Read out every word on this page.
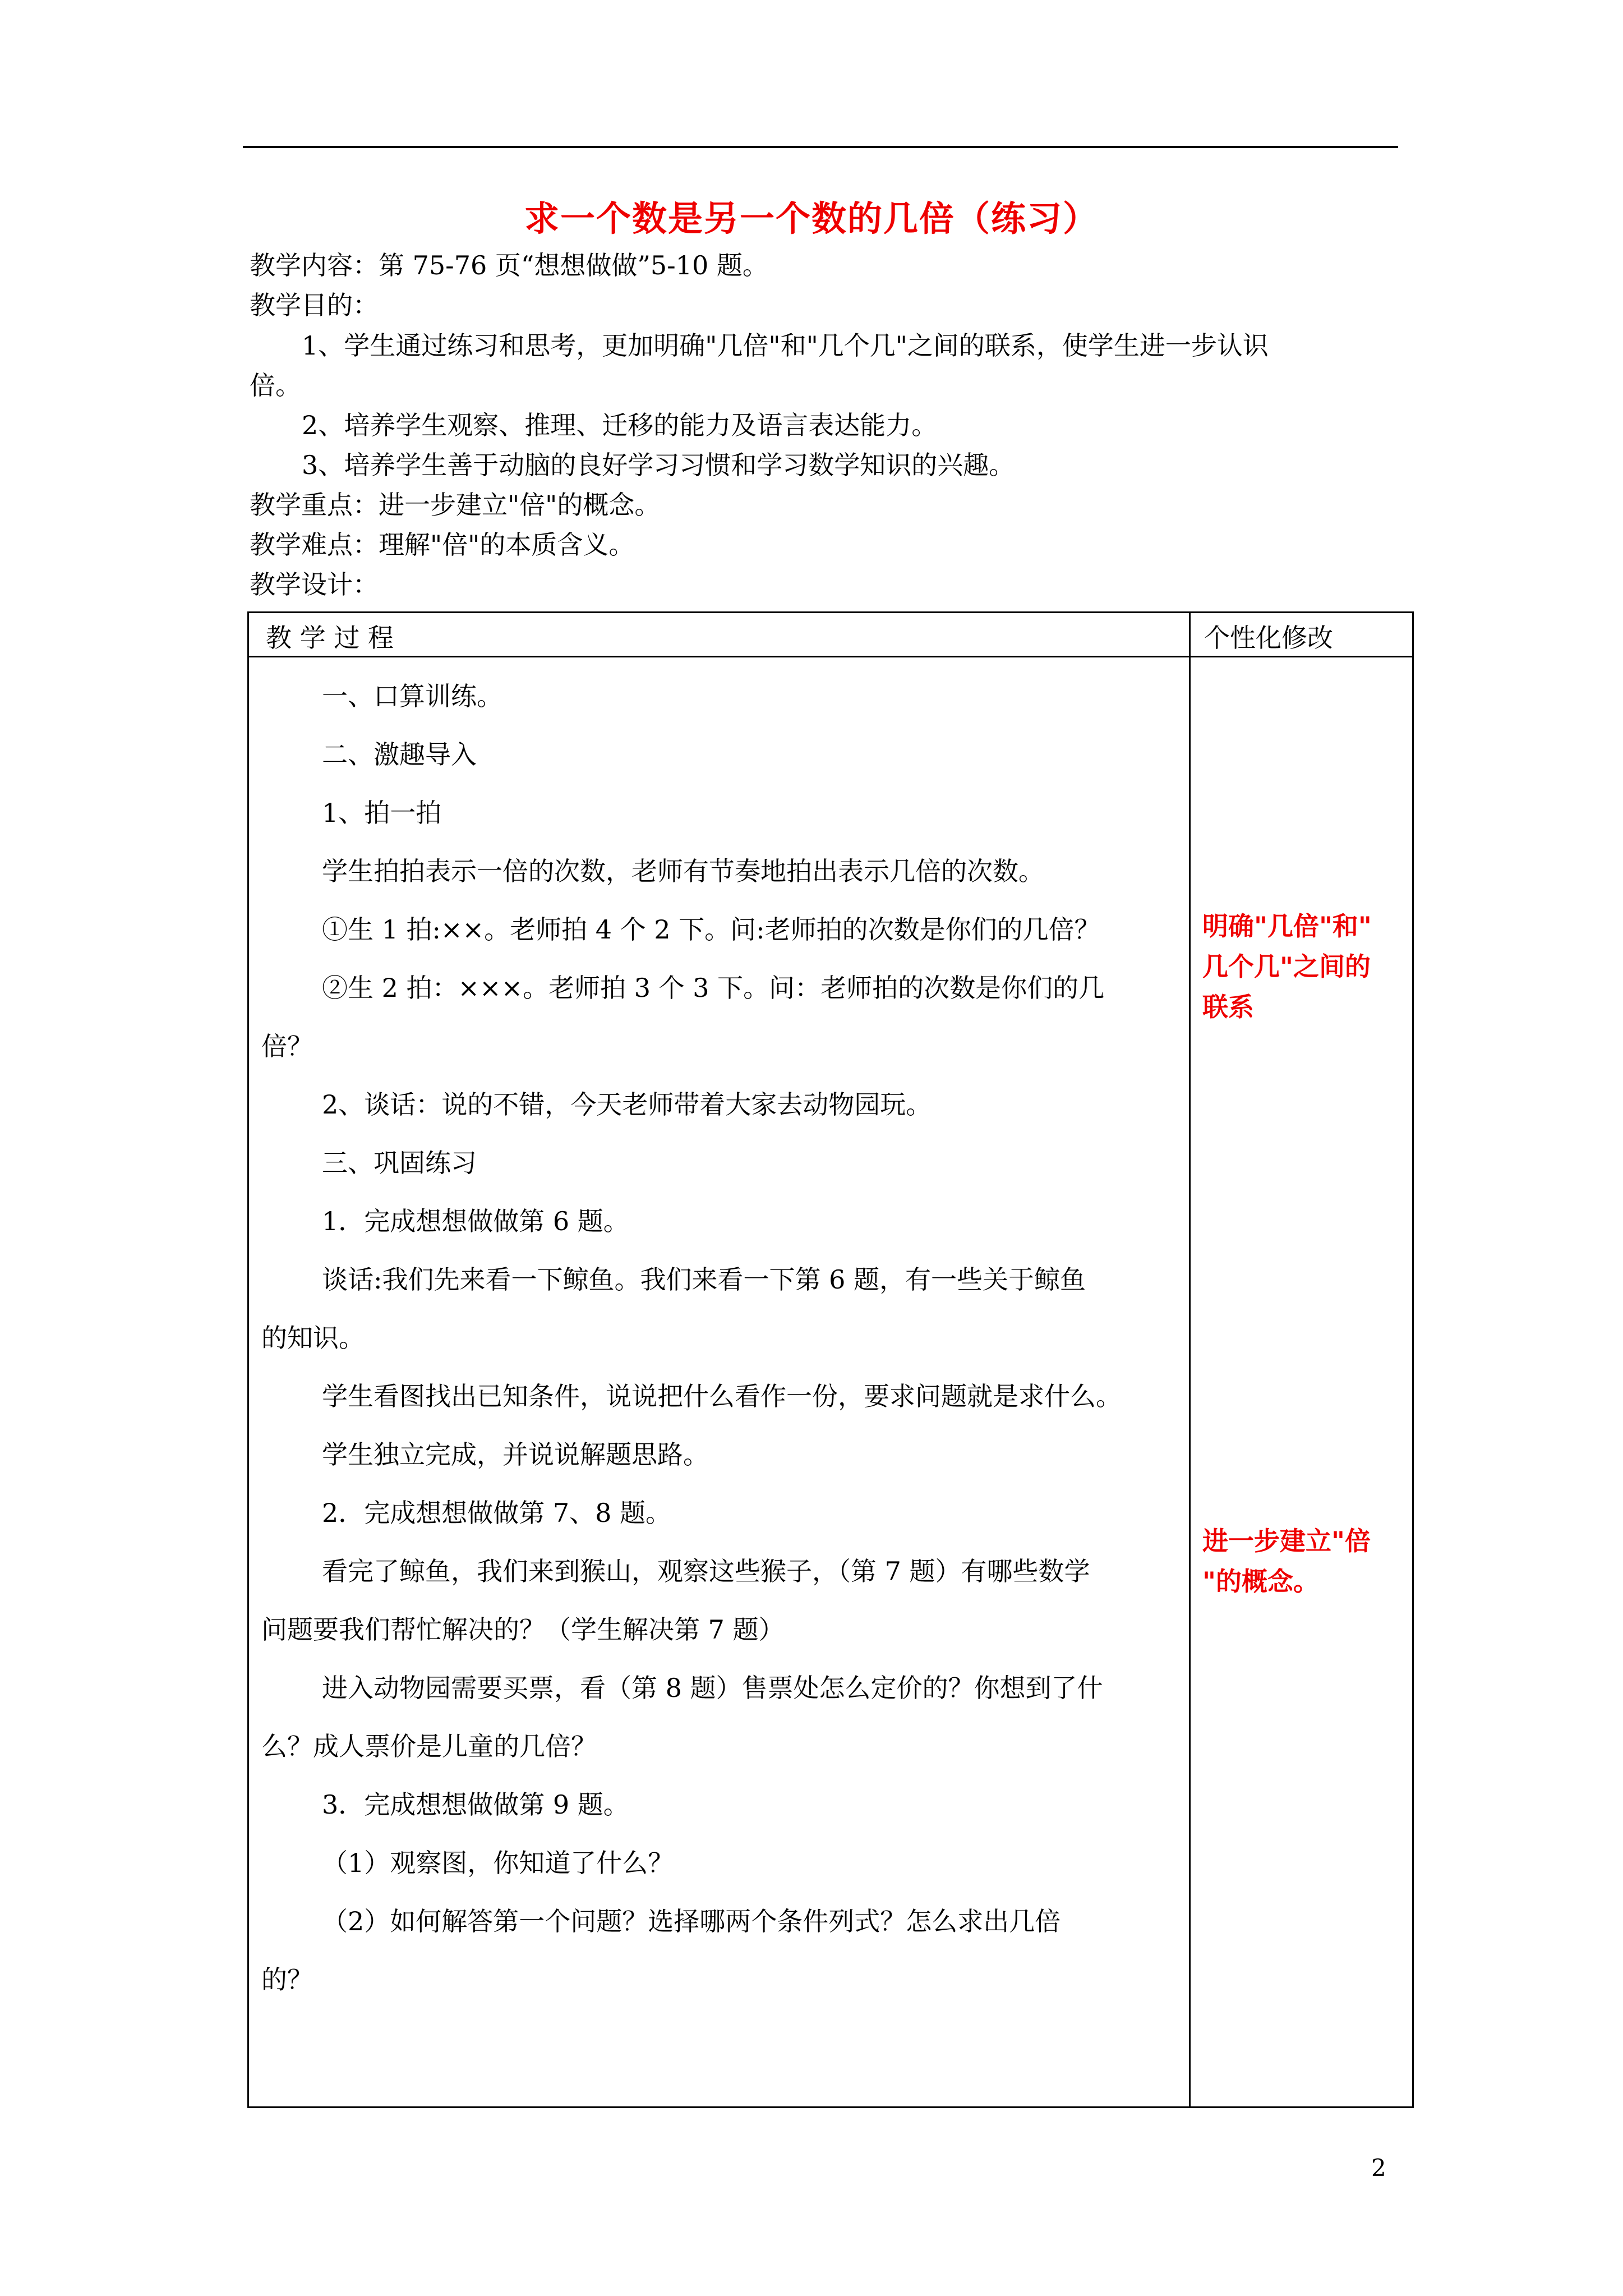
求一个数是另一个数的几倍（练习）
教学内容：第 75-76 页“想想做做”5-10 题。
教学目的：
1、学生通过练习和思考，更加明确"几倍"和"几个几"之间的联系，使学生进一步认识
倍。
2、培养学生观察、推理、迁移的能力及语言表达能力。
3、培养学生善于动脑的良好学习习惯和学习数学知识的兴趣。
教学重点：进一步建立"倍"的概念。
教学难点：理解"倍"的本质含义。
教学设计：
教 学 过 程	个性化修改
一、口算训练。
二、激趣导入
1、拍一拍
学生拍拍表示一倍的次数，老师有节奏地拍出表示几倍的次数。
①生 1 拍:××。老师拍 4 个 2 下。问:老师拍的次数是你们的几倍？
②生 2 拍：×××。老师拍 3 个 3 下。问：老师拍的次数是你们的几
倍？
2、谈话：说的不错，今天老师带着大家去动物园玩。
三、巩固练习
1．完成想想做做第 6 题。
谈话:我们先来看一下鲸鱼。我们来看一下第 6 题，有一些关于鲸鱼
的知识。
学生看图找出已知条件，说说把什么看作一份，要求问题就是求什么。
学生独立完成，并说说解题思路。
2．完成想想做做第 7、8 题。
看完了鲸鱼，我们来到猴山，观察这些猴子，（第 7 题）有哪些数学
问题要我们帮忙解决的？（学生解决第 7 题）
进入动物园需要买票，看（第 8 题）售票处怎么定价的？你想到了什
么？成人票价是儿童的几倍？
3．完成想想做做第 9 题。
（1）观察图，你知道了什么？
（2）如何解答第一个问题？选择哪两个条件列式？怎么求出几倍
的？
明确"几倍"和"
几个几"之间的
联系
进一步建立"倍
"的概念。
2
